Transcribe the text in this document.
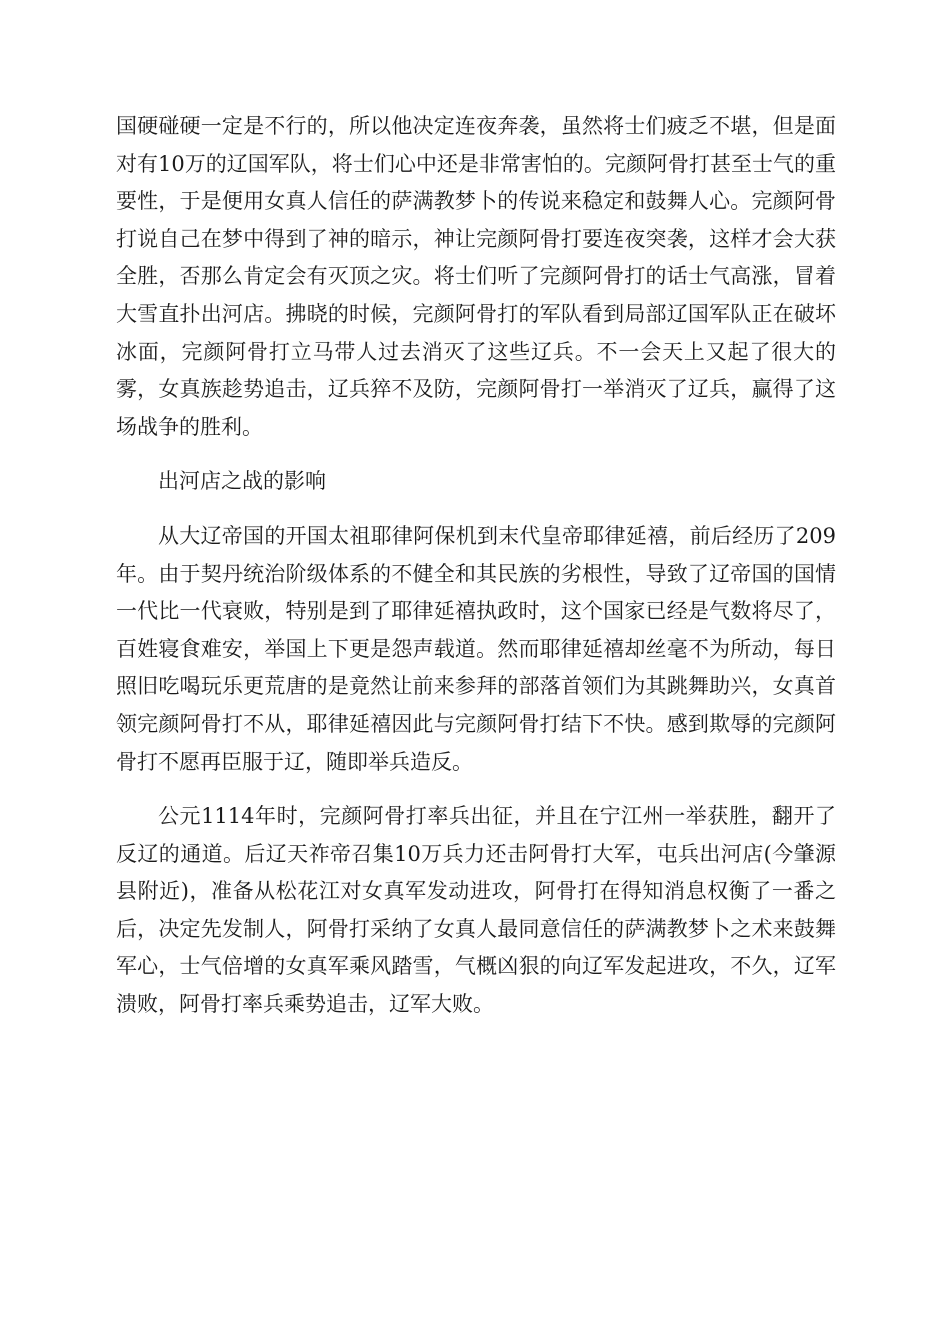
国硬碰硬一定是不行的，所以他决定连夜奔袭，虽然将士们疲乏不堪，但是面对有10万的辽国军队，将士们心中还是非常害怕的。完颜阿骨打甚至士气的重要性，于是便用女真人信任的萨满教梦卜的传说来稳定和鼓舞人心。完颜阿骨打说自己在梦中得到了神的暗示，神让完颜阿骨打要连夜突袭，这样才会大获全胜，否那么肯定会有灭顶之灾。将士们听了完颜阿骨打的话士气高涨，冒着大雪直扑出河店。拂晓的时候，完颜阿骨打的军队看到局部辽国军队正在破坏冰面，完颜阿骨打立马带人过去消灭了这些辽兵。不一会天上又起了很大的雾，女真族趁势追击，辽兵猝不及防，完颜阿骨打一举消灭了辽兵，赢得了这场战争的胜利。

出河店之战的影响

从大辽帝国的开国太祖耶律阿保机到末代皇帝耶律延禧，前后经历了209年。由于契丹统治阶级体系的不健全和其民族的劣根性，导致了辽帝国的国情一代比一代衰败，特别是到了耶律延禧执政时，这个国家已经是气数将尽了，百姓寝食难安，举国上下更是怨声载道。然而耶律延禧却丝毫不为所动，每日照旧吃喝玩乐更荒唐的是竟然让前来参拜的部落首领们为其跳舞助兴，女真首领完颜阿骨打不从，耶律延禧因此与完颜阿骨打结下不快。感到欺辱的完颜阿骨打不愿再臣服于辽，随即举兵造反。

公元1114年时，完颜阿骨打率兵出征，并且在宁江州一举获胜，翻开了反辽的通道。后辽天祚帝召集10万兵力还击阿骨打大军，屯兵出河店(今肇源县附近)，准备从松花江对女真军发动进攻，阿骨打在得知消息权衡了一番之后，决定先发制人，阿骨打采纳了女真人最同意信任的萨满教梦卜之术来鼓舞军心，士气倍增的女真军乘风踏雪，气概凶狠的向辽军发起进攻，不久，辽军溃败，阿骨打率兵乘势追击，辽军大败。
